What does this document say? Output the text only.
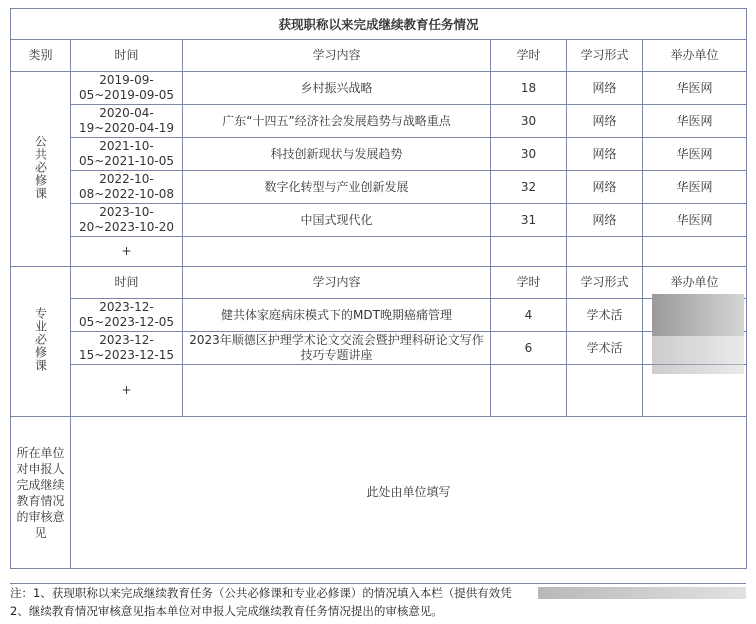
获现职称以来完成继续教育任务情况					
类别	时间	学习内容	学时	学习形式	举办单位
公共必修课	2019-09-05~2019-09-05	乡村振兴战略	18	网络	华医网
	2020-04-19~2020-04-19	广东“十四五”经济社会发展趋势与战略重点	30	网络	华医网
	2021-10-05~2021-10-05	科技创新现状与发展趋势	30	网络	华医网
	2022-10-08~2022-10-08	数字化转型与产业创新发展	32	网络	华医网
	2023-10-20~2023-10-20	中国式现代化	31	网络	华医网
	+				
专业必修课	时间	学习内容	学时	学习形式	举办单位
	2023-12-05~2023-12-05	健共体家庭病床模式下的MDT晚期癌痛管理	4	学术活	
	2023-12-15~2023-12-15	2023年顺德区护理学术论文交流会暨护理科研论文写作技巧专题讲座	6	学术活	
	+				
所在单位对申报人完成继续教育情况的审核意见	此处由单位填写				
注：1、获现职称以来完成继续教育任务（公共必修课和专业必修课）的情况填入本栏（提供有效凭
2、继续教育情况审核意见指本单位对申报人完成继续教育任务情况提出的审核意见。
